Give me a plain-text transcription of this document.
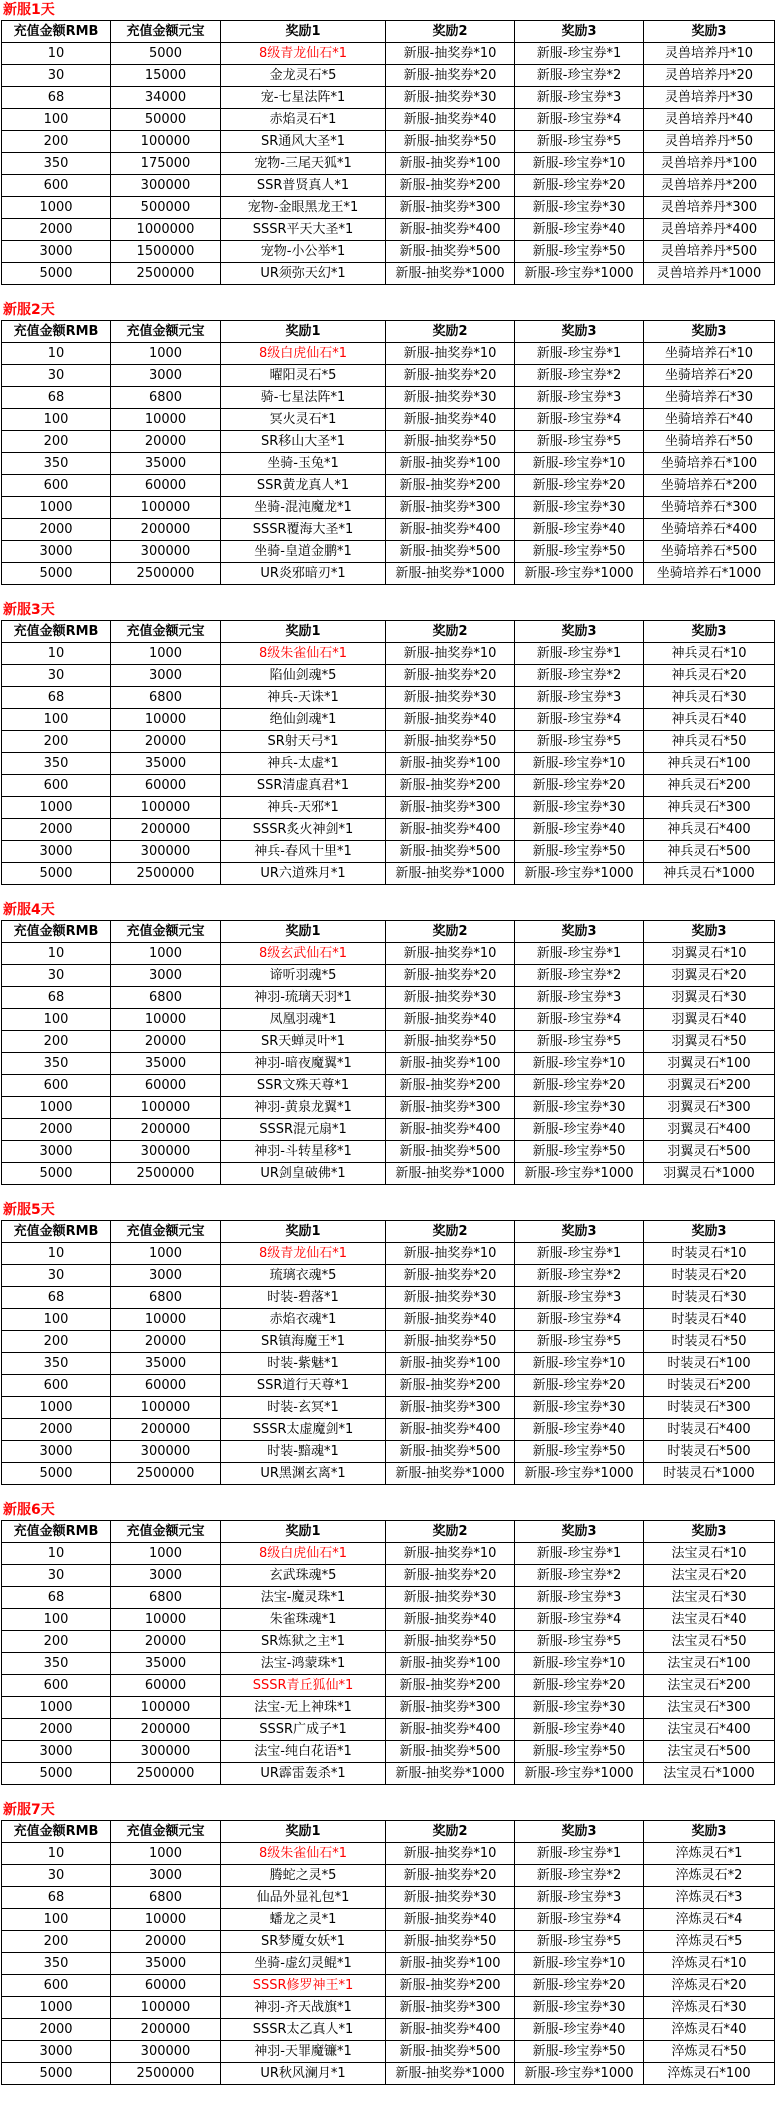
新服1天
充值金额RMB	充值金额元宝	奖励1	奖励2	奖励3	奖励3
10	5000	8级青龙仙石*1	新服-抽奖券*10	新服-珍宝券*1	灵兽培养丹*10
30	15000	金龙灵石*5	新服-抽奖券*20	新服-珍宝券*2	灵兽培养丹*20
68	34000	宠-七星法阵*1	新服-抽奖券*30	新服-珍宝券*3	灵兽培养丹*30
100	50000	赤焰灵石*1	新服-抽奖券*40	新服-珍宝券*4	灵兽培养丹*40
200	100000	SR通风大圣*1	新服-抽奖券*50	新服-珍宝券*5	灵兽培养丹*50
350	175000	宠物-三尾天狐*1	新服-抽奖券*100	新服-珍宝券*10	灵兽培养丹*100
600	300000	SSR普贤真人*1	新服-抽奖券*200	新服-珍宝券*20	灵兽培养丹*200
1000	500000	宠物-金眼黑龙王*1	新服-抽奖券*300	新服-珍宝券*30	灵兽培养丹*300
2000	1000000	SSSR平天大圣*1	新服-抽奖券*400	新服-珍宝券*40	灵兽培养丹*400
3000	1500000	宠物-小公举*1	新服-抽奖券*500	新服-珍宝券*50	灵兽培养丹*500
5000	2500000	UR须弥天幻*1	新服-抽奖券*1000	新服-珍宝券*1000	灵兽培养丹*1000
新服2天
充值金额RMB	充值金额元宝	奖励1	奖励2	奖励3	奖励3
10	1000	8级白虎仙石*1	新服-抽奖券*10	新服-珍宝券*1	坐骑培养石*10
30	3000	曜阳灵石*5	新服-抽奖券*20	新服-珍宝券*2	坐骑培养石*20
68	6800	骑-七星法阵*1	新服-抽奖券*30	新服-珍宝券*3	坐骑培养石*30
100	10000	冥火灵石*1	新服-抽奖券*40	新服-珍宝券*4	坐骑培养石*40
200	20000	SR移山大圣*1	新服-抽奖券*50	新服-珍宝券*5	坐骑培养石*50
350	35000	坐骑-玉兔*1	新服-抽奖券*100	新服-珍宝券*10	坐骑培养石*100
600	60000	SSR黄龙真人*1	新服-抽奖券*200	新服-珍宝券*20	坐骑培养石*200
1000	100000	坐骑-混沌魔龙*1	新服-抽奖券*300	新服-珍宝券*30	坐骑培养石*300
2000	200000	SSSR覆海大圣*1	新服-抽奖券*400	新服-珍宝券*40	坐骑培养石*400
3000	300000	坐骑-皇道金鹏*1	新服-抽奖券*500	新服-珍宝券*50	坐骑培养石*500
5000	2500000	UR炎邪暗刃*1	新服-抽奖券*1000	新服-珍宝券*1000	坐骑培养石*1000
新服3天
充值金额RMB	充值金额元宝	奖励1	奖励2	奖励3	奖励3
10	1000	8级朱雀仙石*1	新服-抽奖券*10	新服-珍宝券*1	神兵灵石*10
30	3000	陷仙剑魂*5	新服-抽奖券*20	新服-珍宝券*2	神兵灵石*20
68	6800	神兵-天诛*1	新服-抽奖券*30	新服-珍宝券*3	神兵灵石*30
100	10000	绝仙剑魂*1	新服-抽奖券*40	新服-珍宝券*4	神兵灵石*40
200	20000	SR射天弓*1	新服-抽奖券*50	新服-珍宝券*5	神兵灵石*50
350	35000	神兵-太虚*1	新服-抽奖券*100	新服-珍宝券*10	神兵灵石*100
600	60000	SSR清虚真君*1	新服-抽奖券*200	新服-珍宝券*20	神兵灵石*200
1000	100000	神兵-天邪*1	新服-抽奖券*300	新服-珍宝券*30	神兵灵石*300
2000	200000	SSSR炙火神剑*1	新服-抽奖券*400	新服-珍宝券*40	神兵灵石*400
3000	300000	神兵-春风十里*1	新服-抽奖券*500	新服-珍宝券*50	神兵灵石*500
5000	2500000	UR六道殊月*1	新服-抽奖券*1000	新服-珍宝券*1000	神兵灵石*1000
新服4天
充值金额RMB	充值金额元宝	奖励1	奖励2	奖励3	奖励3
10	1000	8级玄武仙石*1	新服-抽奖券*10	新服-珍宝券*1	羽翼灵石*10
30	3000	谛听羽魂*5	新服-抽奖券*20	新服-珍宝券*2	羽翼灵石*20
68	6800	神羽-琉璃天羽*1	新服-抽奖券*30	新服-珍宝券*3	羽翼灵石*30
100	10000	凤凰羽魂*1	新服-抽奖券*40	新服-珍宝券*4	羽翼灵石*40
200	20000	SR天蝉灵叶*1	新服-抽奖券*50	新服-珍宝券*5	羽翼灵石*50
350	35000	神羽-暗夜魔翼*1	新服-抽奖券*100	新服-珍宝券*10	羽翼灵石*100
600	60000	SSR文殊天尊*1	新服-抽奖券*200	新服-珍宝券*20	羽翼灵石*200
1000	100000	神羽-黄泉龙翼*1	新服-抽奖券*300	新服-珍宝券*30	羽翼灵石*300
2000	200000	SSSR混元扇*1	新服-抽奖券*400	新服-珍宝券*40	羽翼灵石*400
3000	300000	神羽-斗转星移*1	新服-抽奖券*500	新服-珍宝券*50	羽翼灵石*500
5000	2500000	UR剑皇破佛*1	新服-抽奖券*1000	新服-珍宝券*1000	羽翼灵石*1000
新服5天
充值金额RMB	充值金额元宝	奖励1	奖励2	奖励3	奖励3
10	1000	8级青龙仙石*1	新服-抽奖券*10	新服-珍宝券*1	时装灵石*10
30	3000	琉璃衣魂*5	新服-抽奖券*20	新服-珍宝券*2	时装灵石*20
68	6800	时装-碧落*1	新服-抽奖券*30	新服-珍宝券*3	时装灵石*30
100	10000	赤焰衣魂*1	新服-抽奖券*40	新服-珍宝券*4	时装灵石*40
200	20000	SR镇海魔王*1	新服-抽奖券*50	新服-珍宝券*5	时装灵石*50
350	35000	时装-紫魅*1	新服-抽奖券*100	新服-珍宝券*10	时装灵石*100
600	60000	SSR道行天尊*1	新服-抽奖券*200	新服-珍宝券*20	时装灵石*200
1000	100000	时装-玄冥*1	新服-抽奖券*300	新服-珍宝券*30	时装灵石*300
2000	200000	SSSR太虚魔剑*1	新服-抽奖券*400	新服-珍宝券*40	时装灵石*400
3000	300000	时装-黯魂*1	新服-抽奖券*500	新服-珍宝券*50	时装灵石*500
5000	2500000	UR黑渊玄离*1	新服-抽奖券*1000	新服-珍宝券*1000	时装灵石*1000
新服6天
充值金额RMB	充值金额元宝	奖励1	奖励2	奖励3	奖励3
10	1000	8级白虎仙石*1	新服-抽奖券*10	新服-珍宝券*1	法宝灵石*10
30	3000	玄武珠魂*5	新服-抽奖券*20	新服-珍宝券*2	法宝灵石*20
68	6800	法宝-魔灵珠*1	新服-抽奖券*30	新服-珍宝券*3	法宝灵石*30
100	10000	朱雀珠魂*1	新服-抽奖券*40	新服-珍宝券*4	法宝灵石*40
200	20000	SR炼狱之主*1	新服-抽奖券*50	新服-珍宝券*5	法宝灵石*50
350	35000	法宝-鸿蒙珠*1	新服-抽奖券*100	新服-珍宝券*10	法宝灵石*100
600	60000	SSSR青丘狐仙*1	新服-抽奖券*200	新服-珍宝券*20	法宝灵石*200
1000	100000	法宝-无上神珠*1	新服-抽奖券*300	新服-珍宝券*30	法宝灵石*300
2000	200000	SSSR广成子*1	新服-抽奖券*400	新服-珍宝券*40	法宝灵石*400
3000	300000	法宝-纯白花语*1	新服-抽奖券*500	新服-珍宝券*50	法宝灵石*500
5000	2500000	UR霹雷轰杀*1	新服-抽奖券*1000	新服-珍宝券*1000	法宝灵石*1000
新服7天
充值金额RMB	充值金额元宝	奖励1	奖励2	奖励3	奖励3
10	1000	8级朱雀仙石*1	新服-抽奖券*10	新服-珍宝券*1	淬炼灵石*1
30	3000	腾蛇之灵*5	新服-抽奖券*20	新服-珍宝券*2	淬炼灵石*2
68	6800	仙品外显礼包*1	新服-抽奖券*30	新服-珍宝券*3	淬炼灵石*3
100	10000	蟠龙之灵*1	新服-抽奖券*40	新服-珍宝券*4	淬炼灵石*4
200	20000	SR梦魇女妖*1	新服-抽奖券*50	新服-珍宝券*5	淬炼灵石*5
350	35000	坐骑-虚幻灵鲲*1	新服-抽奖券*100	新服-珍宝券*10	淬炼灵石*10
600	60000	SSSR修罗神王*1	新服-抽奖券*200	新服-珍宝券*20	淬炼灵石*20
1000	100000	神羽-齐天战旗*1	新服-抽奖券*300	新服-珍宝券*30	淬炼灵石*30
2000	200000	SSSR太乙真人*1	新服-抽奖券*400	新服-珍宝券*40	淬炼灵石*40
3000	300000	神羽-天罪魔镰*1	新服-抽奖券*500	新服-珍宝券*50	淬炼灵石*50
5000	2500000	UR秋风澜月*1	新服-抽奖券*1000	新服-珍宝券*1000	淬炼灵石*100
